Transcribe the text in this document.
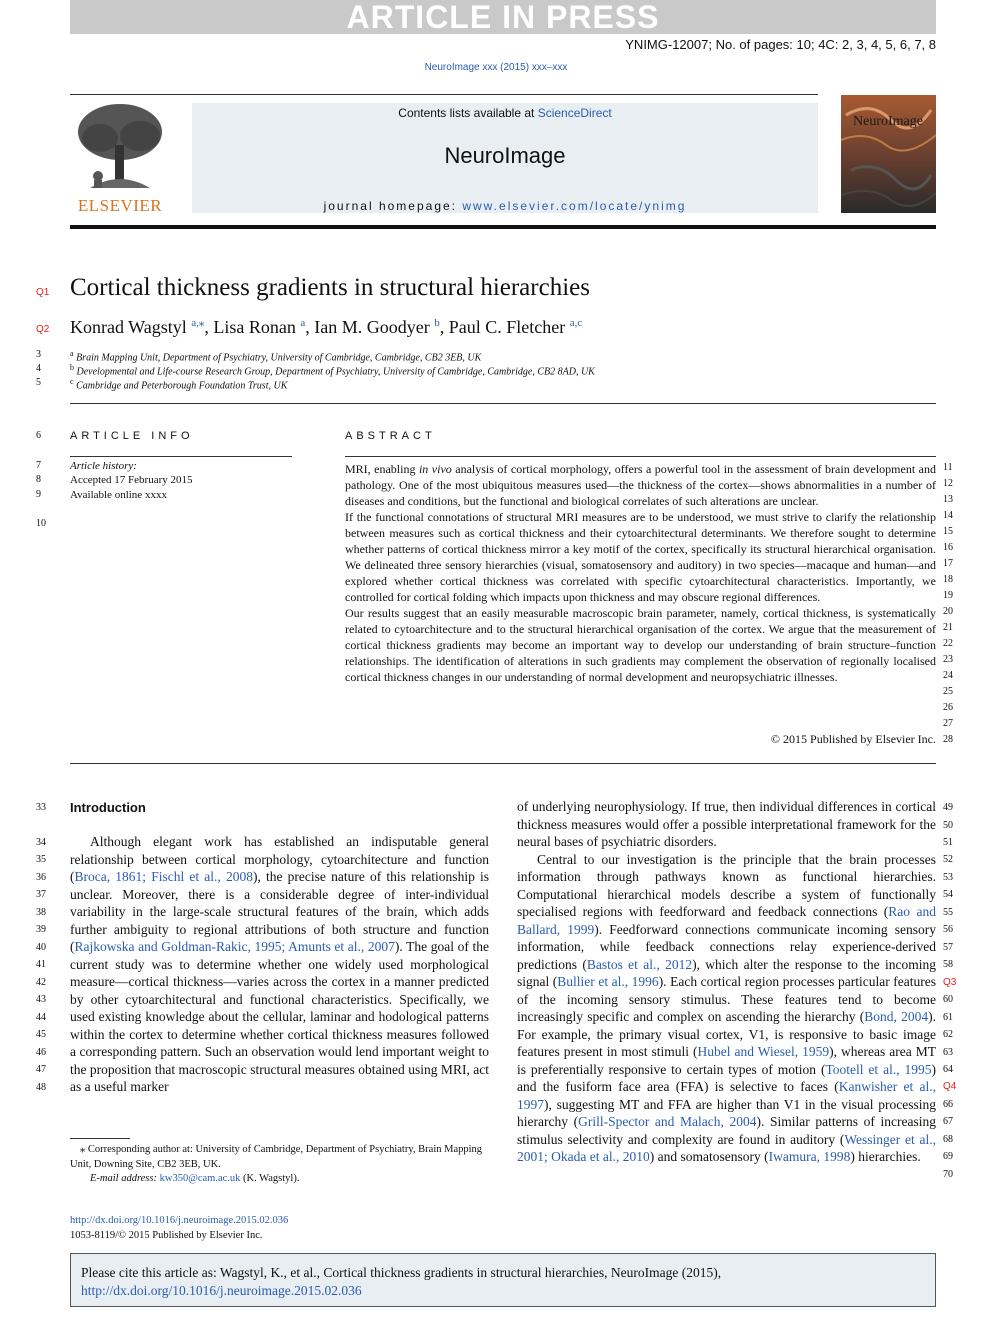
ARTICLE IN PRESS
YNIMG-12007; No. of pages: 10; 4C: 2, 3, 4, 5, 6, 7, 8
NeuroImage xxx (2015) xxx–xxx
ELSEVIER
Contents lists available at ScienceDirect
NeuroImage
journal homepage: www.elsevier.com/locate/ynimg
NeuroImage
Q1
Q2
Cortical thickness gradients in structural hierarchies
Konrad Wagstyl $^{a,⁎}$, Lisa Ronan $^a$, Ian M. Goodyer $^b$, Paul C. Fletcher $^{a,c}$
$^a$ Brain Mapping Unit, Department of Psychiatry, University of Cambridge, Cambridge, CB2 3EB, UK
$^b$ Developmental and Life-course Research Group, Department of Psychiatry, University of Cambridge, Cambridge, CB2 8AD, UK
$^c$ Cambridge and Peterborough Foundation Trust, UK
ARTICLE INFO
Article history:
Accepted 17 February 2015
Available online xxxx
ABSTRACT

MRI, enabling in vivo analysis of cortical morphology, offers a powerful tool in the assessment of brain development and pathology. One of the most ubiquitous measures used—the thickness of the cortex—shows abnormalities in a number of diseases and conditions, but the functional and biological correlates of such alterations are unclear.

If the functional connotations of structural MRI measures are to be understood, we must strive to clarify the relationship between measures such as cortical thickness and their cytoarchitectural determinants. We therefore sought to determine whether patterns of cortical thickness mirror a key motif of the cortex, specifically its structural hierarchical organisation. We delineated three sensory hierarchies (visual, somatosensory and auditory) in two species—macaque and human—and explored whether cortical thickness was correlated with specific cytoarchitectural characteristics. Importantly, we controlled for cortical folding which impacts upon thickness and may obscure regional differences.

Our results suggest that an easily measurable macroscopic brain parameter, namely, cortical thickness, is systematically related to cytoarchitecture and to the structural hierarchical organisation of the cortex. We argue that the measurement of cortical thickness gradients may become an important way to develop our understanding of brain structure–function relationships. The identification of alterations in such gradients may complement the observation of regionally localised cortical thickness changes in our understanding of normal development and neuropsychiatric illnesses.

© 2015 Published by Elsevier Inc.
Introduction

Although elegant work has established an indisputable general relationship between cortical morphology, cytoarchitecture and function (Broca, 1861; Fischl et al., 2008), the precise nature of this relationship is unclear. Moreover, there is a considerable degree of inter-individual variability in the large-scale structural features of the brain, which adds further ambiguity to regional attributions of both structure and function (Rajkowska and Goldman-Rakic, 1995; Amunts et al., 2007). The goal of the current study was to determine whether one widely used morphological measure—cortical thickness—varies across the cortex in a manner predicted by other cytoarchitectural and functional characteristics. Specifically, we used existing knowledge about the cellular, laminar and hodological patterns within the cortex to determine whether cortical thickness measures followed a corresponding pattern. Such an observation would lend important weight to the proposition that macroscopic structural measures obtained using MRI, act as a useful marker

of underlying neurophysiology. If true, then individual differences in cortical thickness measures would offer a possible interpretational framework for the neural bases of psychiatric disorders.

Central to our investigation is the principle that the brain processes information through pathways known as functional hierarchies. Computational hierarchical models describe a system of functionally specialised regions with feedforward and feedback connections (Rao and Ballard, 1999). Feedforward connections communicate incoming sensory information, while feedback connections relay experience-derived predictions (Bastos et al., 2012), which alter the response to the incoming signal (Bullier et al., 1996). Each cortical region processes particular features of the incoming sensory stimulus. These features tend to become increasingly specific and complex on ascending the hierarchy (Bond, 2004). For example, the primary visual cortex, V1, is responsive to basic image features present in most stimuli (Hubel and Wiesel, 1959), whereas area MT is preferentially responsive to certain types of motion (Tootell et al., 1995) and the fusiform face area (FFA) is selective to faces (Kanwisher et al., 1997), suggesting MT and FFA are higher than V1 in the visual processing hierarchy (Grill-Spector and Malach, 2004). Similar patterns of increasing stimulus selectivity and complexity are found in auditory (Wessinger et al., 2001; Okada et al., 2010) and somatosensory (Iwamura, 1998) hierarchies.

Q3
Q4
⁎ Corresponding author at: University of Cambridge, Department of Psychiatry, Brain Mapping Unit, Downing Site, CB2 3EB, UK.
E-mail address: kw350@cam.ac.uk (K. Wagstyl).
http://dx.doi.org/10.1016/j.neuroimage.2015.02.036
1053-8119/© 2015 Published by Elsevier Inc.
Please cite this article as: Wagstyl, K., et al., Cortical thickness gradients in structural hierarchies, NeuroImage (2015), http://dx.doi.org/10.1016/j.neuroimage.2015.02.036
3
4
5
6
7
8
9
10
33
34
35
36
37
38
39
40
41
42
43
44
45
46
47
48
11
12
13
14
15
16
17
18
19
20
21
22
23
24
25
26
27
28
49
50
51
52
53
54
55
56
57
58
60
61
62
63
64
66
67
68
69
70
